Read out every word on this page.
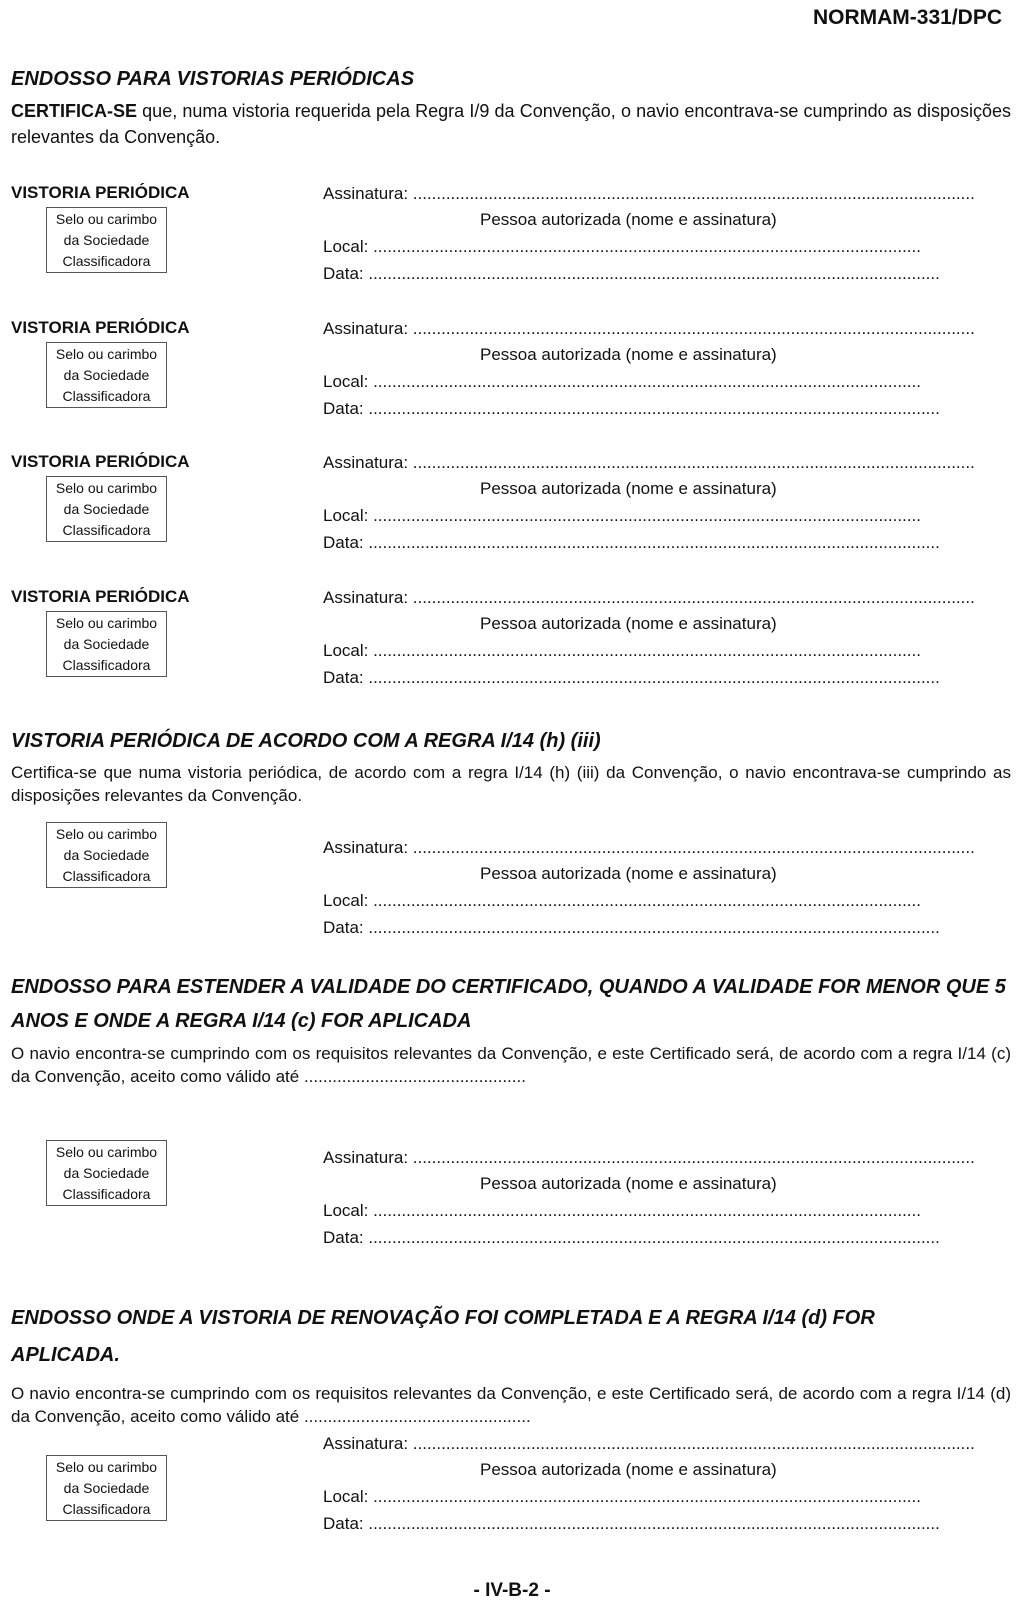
NORMAM-331/DPC
ENDOSSO PARA VISTORIAS PERIÓDICAS
CERTIFICA-SE que, numa vistoria requerida pela Regra I/9 da Convenção, o navio encontrava-se cumprindo as disposições relevantes da Convenção.
VISTORIA PERIÓDICA
Selo ou carimbo
da Sociedade
Classificadora
Assinatura: .......................................................................................................................
Pessoa autorizada (nome e assinatura)
Local: ....................................................................................................................
Data: .........................................................................................................................
VISTORIA PERIÓDICA
Selo ou carimbo
da Sociedade
Classificadora
Assinatura: .......................................................................................................................
Pessoa autorizada (nome e assinatura)
Local: ....................................................................................................................
Data: .........................................................................................................................
VISTORIA PERIÓDICA
Selo ou carimbo
da Sociedade
Classificadora
Assinatura: .......................................................................................................................
Pessoa autorizada (nome e assinatura)
Local: ....................................................................................................................
Data: .........................................................................................................................
VISTORIA PERIÓDICA
Selo ou carimbo
da Sociedade
Classificadora
Assinatura: .......................................................................................................................
Pessoa autorizada (nome e assinatura)
Local: ....................................................................................................................
Data: .........................................................................................................................
VISTORIA PERIÓDICA DE ACORDO COM A REGRA I/14 (h) (iii)
Certifica-se que numa vistoria periódica, de acordo com a regra I/14 (h) (iii) da Convenção, o navio encontrava-se cumprindo as disposições relevantes da Convenção.
Selo ou carimbo
da Sociedade
Classificadora
Assinatura: .......................................................................................................................
Pessoa autorizada (nome e assinatura)
Local: ....................................................................................................................
Data: .........................................................................................................................
ENDOSSO PARA ESTENDER A VALIDADE DO CERTIFICADO, QUANDO A VALIDADE FOR MENOR QUE 5
ANOS E ONDE A REGRA I/14 (c) FOR APLICADA
O navio encontra-se cumprindo com os requisitos relevantes da Convenção, e este Certificado será, de acordo com a regra I/14 (c) da Convenção, aceito como válido até ...............................................
Selo ou carimbo
da Sociedade
Classificadora
Assinatura: .......................................................................................................................
Pessoa autorizada (nome e assinatura)
Local: ....................................................................................................................
Data: .........................................................................................................................
ENDOSSO ONDE A VISTORIA DE RENOVAÇÃO FOI COMPLETADA E A REGRA I/14 (d) FOR
APLICADA.
O navio encontra-se cumprindo com os requisitos relevantes da Convenção, e este Certificado será, de acordo com a regra I/14 (d) da Convenção, aceito como válido até ................................................
Selo ou carimbo
da Sociedade
Classificadora
Assinatura: .......................................................................................................................
Pessoa autorizada (nome e assinatura)
Local: ....................................................................................................................
Data: .........................................................................................................................
- IV-B-2 -
